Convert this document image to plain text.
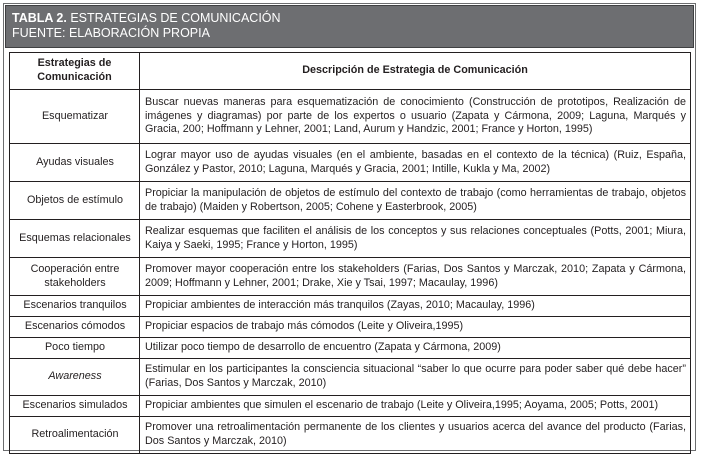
TABLA 2. ESTRATEGIAS DE COMUNICACIÓN
FUENTE: ELABORACIÓN PROPIA
Estrategias de
Comunicación	Descripción de Estrategia de Comunicación
Esquematizar	Buscar nuevas maneras para esquematización de conocimiento (Construcción de prototipos, Realización de imágenes y diagramas) por parte de los expertos o usuario (Zapata y Cármona, 2009; Laguna, Marqués y Gracia, 200; Hoffmann y Lehner, 2001; Land, Aurum y Handzic, 2001; France y Horton, 1995)
Ayudas visuales	Lograr mayor uso de ayudas visuales (en el ambiente, basadas en el contexto de la técnica) (Ruiz, España, González y Pastor, 2010; Laguna, Marqués y Gracia, 2001; Intille, Kukla y Ma, 2002)
Objetos de estímulo	Propiciar la manipulación de objetos de estímulo del contexto de trabajo (como herramientas de trabajo, objetos de trabajo) (Maiden y Robertson, 2005; Cohene y Easterbrook, 2005)
Esquemas relacionales	Realizar esquemas que faciliten el análisis de los conceptos y sus relaciones conceptuales (Potts, 2001; Miura, Kaiya y Saeki, 1995; France y Horton, 1995)
Cooperación entre stakeholders	Promover mayor cooperación entre los stakeholders (Farias, Dos Santos y Marczak, 2010; Zapata y Cármona, 2009; Hoffmann y Lehner, 2001; Drake, Xie y Tsai, 1997; Macaulay, 1996)
Escenarios tranquilos	Propiciar ambientes de interacción más tranquilos (Zayas, 2010; Macaulay, 1996)
Escenarios cómodos	Propiciar espacios de trabajo más cómodos (Leite y Oliveira,1995)
Poco tiempo	Utilizar poco tiempo de desarrollo de encuentro (Zapata y Cármona, 2009)
Awareness	Estimular en los participantes la consciencia situacional “saber lo que ocurre para poder saber qué debe hacer” (Farias, Dos Santos y Marczak, 2010)
Escenarios simulados	Propiciar ambientes que simulen el escenario de trabajo (Leite y Oliveira,1995; Aoyama, 2005; Potts, 2001)
Retroalimentación	Promover una retroalimentación permanente de los clientes y usuarios acerca del avance del producto (Farias, Dos Santos y Marczak, 2010)
